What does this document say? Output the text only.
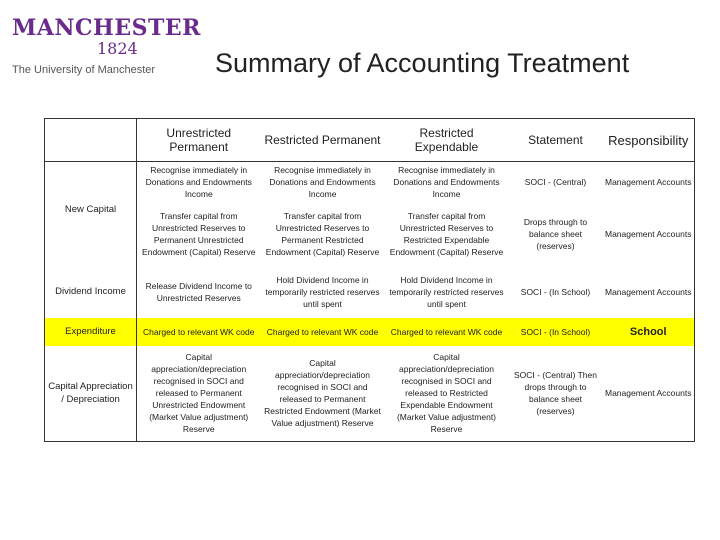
MANCHESTER
1824
The University of Manchester	Summary of Accounting Treatment
	Unrestricted Permanent	Restricted Permanent	Restricted Expendable	Statement	Responsibility
	Recognise immediately in Donations and Endowments Income	Recognise immediately in Donations and Endowments Income	Recognise immediately in Donations and Endowments Income	SOCI - (Central)	Management Accounts
New Capital	Transfer capital from Unrestricted Reserves to Permanent Unrestricted Endowment (Capital) Reserve	Transfer capital from Unrestricted Reserves to Permanent Restricted Endowment (Capital) Reserve	Transfer capital from Unrestricted Reserves to Restricted Expendable Endowment (Capital) Reserve	Drops through to balance sheet (reserves)	Management Accounts
Dividend Income	Release Dividend Income to Unrestricted Reserves	Hold Dividend Income in temporarily restricted reserves until spent	Hold Dividend Income in temporarily restricted reserves until spent	SOCI - (In School)	Management Accounts
Expenditure	Charged to relevant WK code	Charged to relevant WK code	Charged to relevant WK code	SOCI - (In School)	School
Capital Appreciation / Depreciation	Capital appreciation/depreciation recognised in SOCI and released to Permanent Unrestricted Endowment (Market Value adjustment) Reserve	Capital appreciation/depreciation recognised in SOCI and released to Permanent Restricted Endowment (Market Value adjustment) Reserve	Capital appreciation/depreciation recognised in SOCI and released to Restricted Expendable Endowment (Market Value adjustment) Reserve	SOCI - (Central) Then drops through to balance sheet (reserves)	Management Accounts
